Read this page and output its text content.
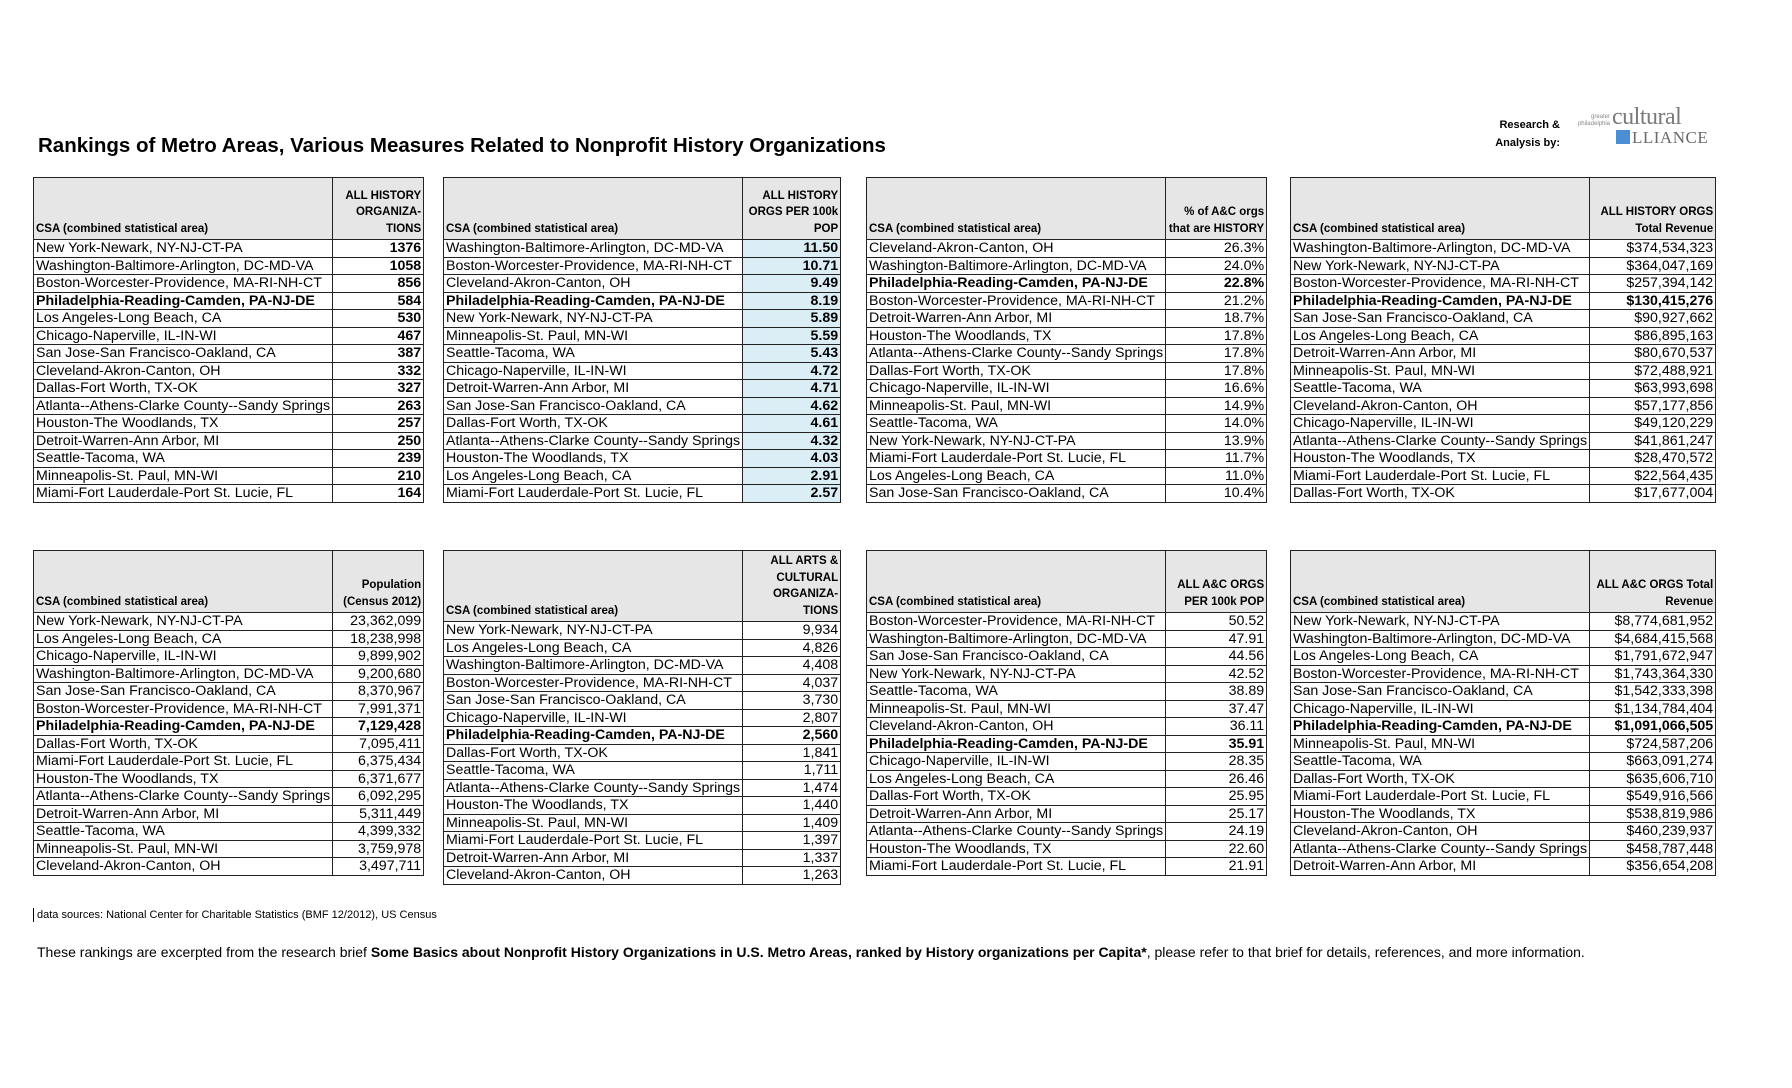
Rankings of Metro Areas, Various Measures Related to Nonprofit History Organizations
Research &
Analysis by:
greater philadelphia cultural
LLIANCE
CSA (combined statistical area)	ALL HISTORY ORGANIZA- TIONS
New York-Newark, NY-NJ-CT-PA	1376
Washington-Baltimore-Arlington, DC-MD-VA	1058
Boston-Worcester-Providence, MA-RI-NH-CT	856
Philadelphia-Reading-Camden, PA-NJ-DE	584
Los Angeles-Long Beach, CA	530
Chicago-Naperville, IL-IN-WI	467
San Jose-San Francisco-Oakland, CA	387
Cleveland-Akron-Canton, OH	332
Dallas-Fort Worth, TX-OK	327
Atlanta--Athens-Clarke County--Sandy Springs	263
Houston-The Woodlands, TX	257
Detroit-Warren-Ann Arbor, MI	250
Seattle-Tacoma, WA	239
Minneapolis-St. Paul, MN-WI	210
Miami-Fort Lauderdale-Port St. Lucie, FL	164
CSA (combined statistical area)	ALL HISTORY ORGS PER 100k POP
Washington-Baltimore-Arlington, DC-MD-VA	11.50
Boston-Worcester-Providence, MA-RI-NH-CT	10.71
Cleveland-Akron-Canton, OH	9.49
Philadelphia-Reading-Camden, PA-NJ-DE	8.19
New York-Newark, NY-NJ-CT-PA	5.89
Minneapolis-St. Paul, MN-WI	5.59
Seattle-Tacoma, WA	5.43
Chicago-Naperville, IL-IN-WI	4.72
Detroit-Warren-Ann Arbor, MI	4.71
San Jose-San Francisco-Oakland, CA	4.62
Dallas-Fort Worth, TX-OK	4.61
Atlanta--Athens-Clarke County--Sandy Springs	4.32
Houston-The Woodlands, TX	4.03
Los Angeles-Long Beach, CA	2.91
Miami-Fort Lauderdale-Port St. Lucie, FL	2.57
CSA (combined statistical area)	% of A&C orgs that are HISTORY
Cleveland-Akron-Canton, OH	26.3%
Washington-Baltimore-Arlington, DC-MD-VA	24.0%
Philadelphia-Reading-Camden, PA-NJ-DE	22.8%
Boston-Worcester-Providence, MA-RI-NH-CT	21.2%
Detroit-Warren-Ann Arbor, MI	18.7%
Houston-The Woodlands, TX	17.8%
Atlanta--Athens-Clarke County--Sandy Springs	17.8%
Dallas-Fort Worth, TX-OK	17.8%
Chicago-Naperville, IL-IN-WI	16.6%
Minneapolis-St. Paul, MN-WI	14.9%
Seattle-Tacoma, WA	14.0%
New York-Newark, NY-NJ-CT-PA	13.9%
Miami-Fort Lauderdale-Port St. Lucie, FL	11.7%
Los Angeles-Long Beach, CA	11.0%
San Jose-San Francisco-Oakland, CA	10.4%
CSA (combined statistical area)	ALL HISTORY ORGS Total Revenue
Washington-Baltimore-Arlington, DC-MD-VA	$374,534,323
New York-Newark, NY-NJ-CT-PA	$364,047,169
Boston-Worcester-Providence, MA-RI-NH-CT	$257,394,142
Philadelphia-Reading-Camden, PA-NJ-DE	$130,415,276
San Jose-San Francisco-Oakland, CA	$90,927,662
Los Angeles-Long Beach, CA	$86,895,163
Detroit-Warren-Ann Arbor, MI	$80,670,537
Minneapolis-St. Paul, MN-WI	$72,488,921
Seattle-Tacoma, WA	$63,993,698
Cleveland-Akron-Canton, OH	$57,177,856
Chicago-Naperville, IL-IN-WI	$49,120,229
Atlanta--Athens-Clarke County--Sandy Springs	$41,861,247
Houston-The Woodlands, TX	$28,470,572
Miami-Fort Lauderdale-Port St. Lucie, FL	$22,564,435
Dallas-Fort Worth, TX-OK	$17,677,004
CSA (combined statistical area)	Population (Census 2012)
New York-Newark, NY-NJ-CT-PA	23,362,099
Los Angeles-Long Beach, CA	18,238,998
Chicago-Naperville, IL-IN-WI	9,899,902
Washington-Baltimore-Arlington, DC-MD-VA	9,200,680
San Jose-San Francisco-Oakland, CA	8,370,967
Boston-Worcester-Providence, MA-RI-NH-CT	7,991,371
Philadelphia-Reading-Camden, PA-NJ-DE	7,129,428
Dallas-Fort Worth, TX-OK	7,095,411
Miami-Fort Lauderdale-Port St. Lucie, FL	6,375,434
Houston-The Woodlands, TX	6,371,677
Atlanta--Athens-Clarke County--Sandy Springs	6,092,295
Detroit-Warren-Ann Arbor, MI	5,311,449
Seattle-Tacoma, WA	4,399,332
Minneapolis-St. Paul, MN-WI	3,759,978
Cleveland-Akron-Canton, OH	3,497,711
CSA (combined statistical area)	ALL ARTS & CULTURAL ORGANIZA- TIONS
New York-Newark, NY-NJ-CT-PA	9,934
Los Angeles-Long Beach, CA	4,826
Washington-Baltimore-Arlington, DC-MD-VA	4,408
Boston-Worcester-Providence, MA-RI-NH-CT	4,037
San Jose-San Francisco-Oakland, CA	3,730
Chicago-Naperville, IL-IN-WI	2,807
Philadelphia-Reading-Camden, PA-NJ-DE	2,560
Dallas-Fort Worth, TX-OK	1,841
Seattle-Tacoma, WA	1,711
Atlanta--Athens-Clarke County--Sandy Springs	1,474
Houston-The Woodlands, TX	1,440
Minneapolis-St. Paul, MN-WI	1,409
Miami-Fort Lauderdale-Port St. Lucie, FL	1,397
Detroit-Warren-Ann Arbor, MI	1,337
Cleveland-Akron-Canton, OH	1,263
CSA (combined statistical area)	ALL A&C ORGS PER 100k POP
Boston-Worcester-Providence, MA-RI-NH-CT	50.52
Washington-Baltimore-Arlington, DC-MD-VA	47.91
San Jose-San Francisco-Oakland, CA	44.56
New York-Newark, NY-NJ-CT-PA	42.52
Seattle-Tacoma, WA	38.89
Minneapolis-St. Paul, MN-WI	37.47
Cleveland-Akron-Canton, OH	36.11
Philadelphia-Reading-Camden, PA-NJ-DE	35.91
Chicago-Naperville, IL-IN-WI	28.35
Los Angeles-Long Beach, CA	26.46
Dallas-Fort Worth, TX-OK	25.95
Detroit-Warren-Ann Arbor, MI	25.17
Atlanta--Athens-Clarke County--Sandy Springs	24.19
Houston-The Woodlands, TX	22.60
Miami-Fort Lauderdale-Port St. Lucie, FL	21.91
CSA (combined statistical area)	ALL A&C ORGS Total Revenue
New York-Newark, NY-NJ-CT-PA	$8,774,681,952
Washington-Baltimore-Arlington, DC-MD-VA	$4,684,415,568
Los Angeles-Long Beach, CA	$1,791,672,947
Boston-Worcester-Providence, MA-RI-NH-CT	$1,743,364,330
San Jose-San Francisco-Oakland, CA	$1,542,333,398
Chicago-Naperville, IL-IN-WI	$1,134,784,404
Philadelphia-Reading-Camden, PA-NJ-DE	$1,091,066,505
Minneapolis-St. Paul, MN-WI	$724,587,206
Seattle-Tacoma, WA	$663,091,274
Dallas-Fort Worth, TX-OK	$635,606,710
Miami-Fort Lauderdale-Port St. Lucie, FL	$549,916,566
Houston-The Woodlands, TX	$538,819,986
Cleveland-Akron-Canton, OH	$460,239,937
Atlanta--Athens-Clarke County--Sandy Springs	$458,787,448
Detroit-Warren-Ann Arbor, MI	$356,654,208
data sources: National Center for Charitable Statistics (BMF 12/2012), US Census
These rankings are excerpted from the research brief Some Basics about Nonprofit History Organizations in U.S. Metro Areas, ranked by History organizations per Capita*, please refer to that brief for details, references, and more information.
